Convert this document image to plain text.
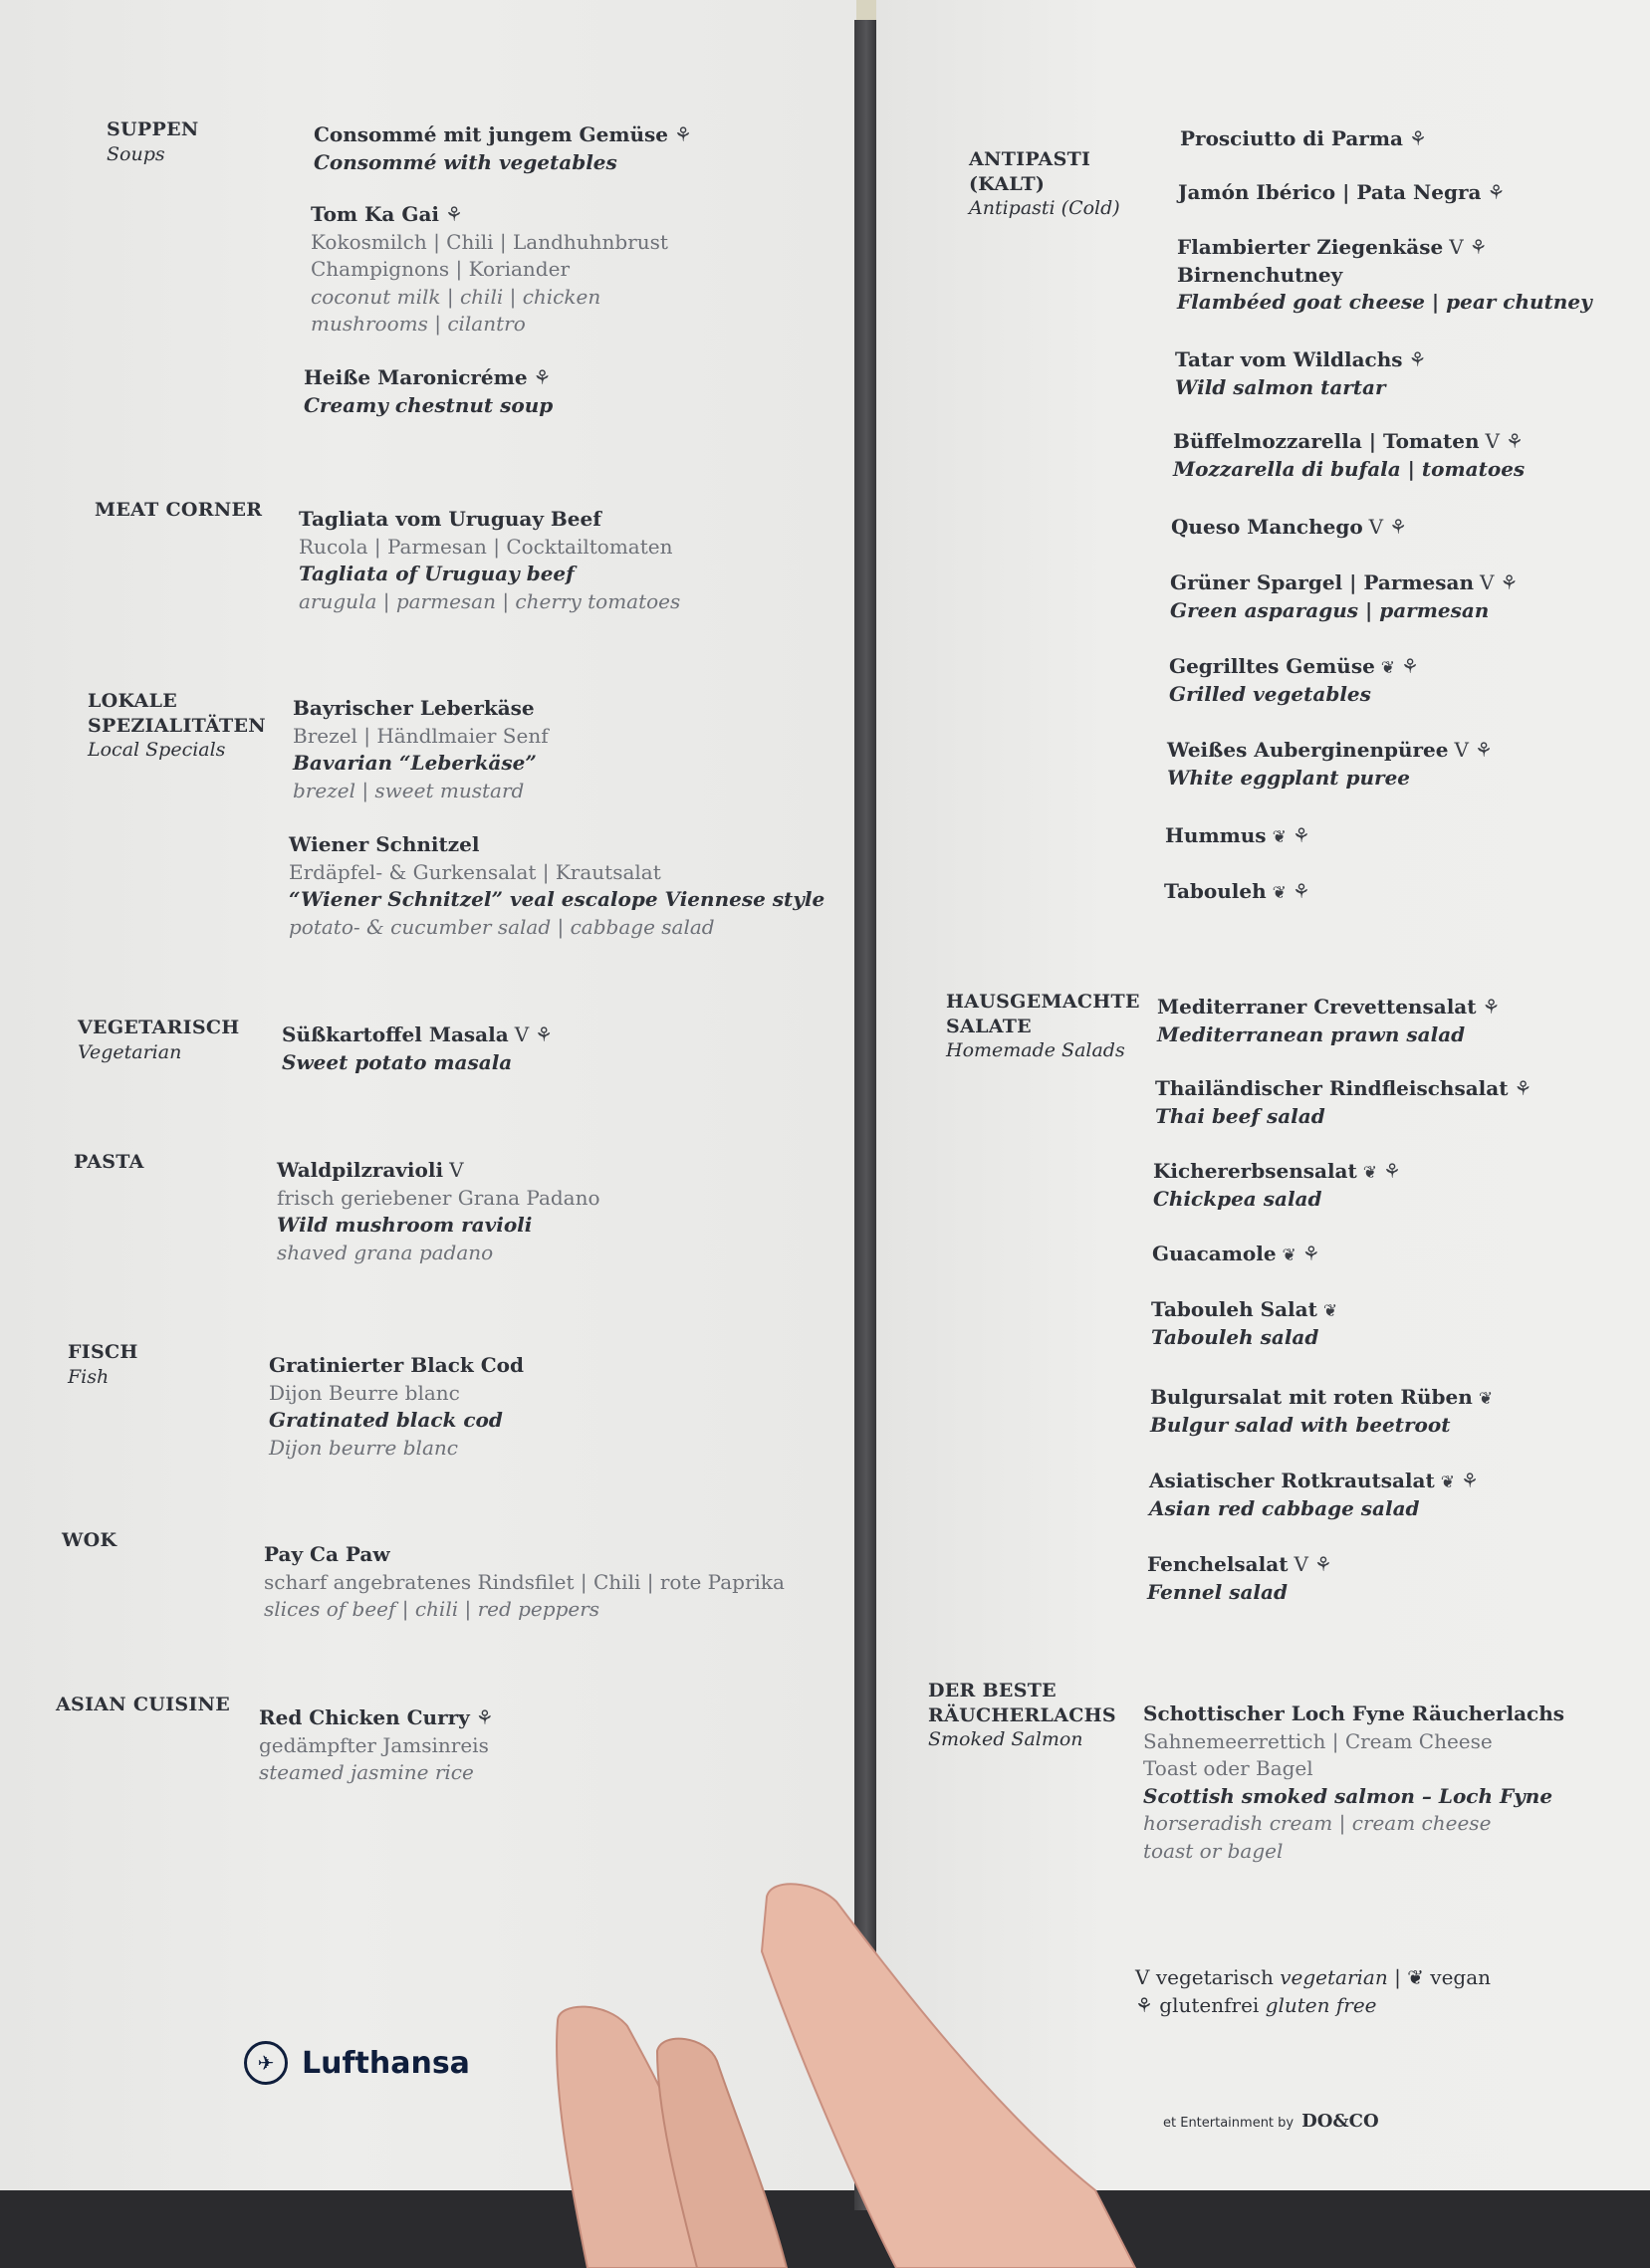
SUPPEN
Soups
Consommé mit jungem Gemüse ⚘
Consommé with vegetables
Tom Ka Gai ⚘
Kokosmilch | Chili | Landhuhnbrust
Champignons | Koriander
coconut milk | chili | chicken
mushrooms | cilantro
Heiße Maronicréme ⚘
Creamy chestnut soup
MEAT CORNER	Tagliata vom Uruguay Beef
Rucola | Parmesan | Cocktailtomaten
Tagliata of Uruguay beef
arugula | parmesan | cherry tomatoes
LOKALE
SPEZIALITÄTEN
Local Specials
Bayrischer Leberkäse
Brezel | Händlmaier Senf
Bavarian “Leberkäse”
brezel | sweet mustard
Wiener Schnitzel
Erdäpfel- & Gurkensalat | Krautsalat
“Wiener Schnitzel” veal escalope Viennese style
potato- & cucumber salad | cabbage salad
VEGETARISCH
Vegetarian
Süßkartoffel Masala V ⚘
Sweet potato masala
PASTA	Waldpilzravioli V
frisch geriebener Grana Padano
Wild mushroom ravioli
shaved grana padano
FISCH
Fish	Gratinierter Black Cod
Dijon Beurre blanc
Gratinated black cod
Dijon beurre blanc
WOK
Pay Ca Paw
scharf angebratenes Rindsfilet | Chili | rote Paprika
slices of beef | chili | red peppers
ASIAN CUISINE
Red Chicken Curry ⚘
gedämpfter Jamsinreis
steamed jasmine rice
✈ Lufthansa
ANTIPASTI
(KALT)
Antipasti (Cold)
Prosciutto di Parma ⚘
Jamón Ibérico | Pata Negra ⚘
Flambierter Ziegenkäse V ⚘
Birnenchutney
Flambéed goat cheese | pear chutney
Tatar vom Wildlachs ⚘
Wild salmon tartar
Büffelmozzarella | Tomaten V ⚘
Mozzarella di bufala | tomatoes
Queso Manchego V ⚘
Grüner Spargel | Parmesan V ⚘
Green asparagus | parmesan
Gegrilltes Gemüse ❦ ⚘
Grilled vegetables
Weißes Auberginenpüree V ⚘
White eggplant puree
Hummus ❦ ⚘
Tabouleh ❦ ⚘
HAUSGEMACHTE
SALATE
Homemade Salads
Mediterraner Crevettensalat ⚘
Mediterranean prawn salad
Thailändischer Rindfleischsalat ⚘
Thai beef salad
Kichererbsensalat ❦ ⚘
Chickpea salad
Guacamole ❦ ⚘
Tabouleh Salat ❦
Tabouleh salad
Bulgursalat mit roten Rüben ❦
Bulgur salad with beetroot
Asiatischer Rotkrautsalat ❦ ⚘
Asian red cabbage salad
Fenchelsalat V ⚘
Fennel salad
DER BESTE
RÄUCHERLACHS
Smoked Salmon
Schottischer Loch Fyne Räucherlachs
Sahnemeerrettich | Cream Cheese
Toast oder Bagel
Scottish smoked salmon – Loch Fyne
horseradish cream | cream cheese
toast or bagel
V vegetarisch vegetarian | ❦ vegan
⚘ glutenfrei gluten free
et Entertainment by DO&CO
